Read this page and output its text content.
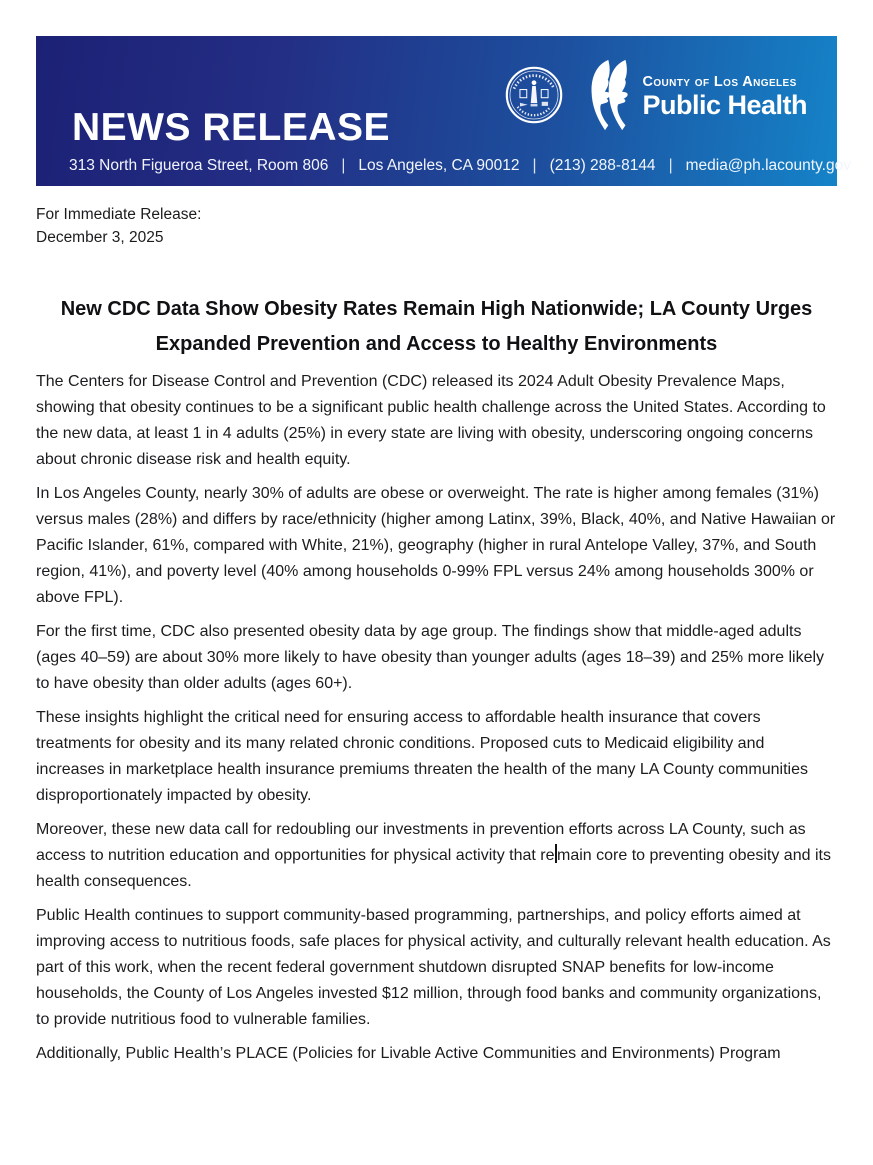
NEWS RELEASE
313 North Figueroa Street, Room 806 | Los Angeles, CA 90012 | (213) 288-8144 | media@ph.lacounty.gov
County of Los Angeles
Public Health
For Immediate Release:
December 3, 2025
New CDC Data Show Obesity Rates Remain High Nationwide; LA County Urges
Expanded Prevention and Access to Healthy Environments

The Centers for Disease Control and Prevention (CDC) released its 2024 Adult Obesity Prevalence Maps, showing that obesity continues to be a significant public health challenge across the United States. According to the new data, at least 1 in 4 adults (25%) in every state are living with obesity, underscoring ongoing concerns about chronic disease risk and health equity.

In Los Angeles County, nearly 30% of adults are obese or overweight. The rate is higher among females (31%) versus males (28%) and differs by race/ethnicity (higher among Latinx, 39%, Black, 40%, and Native Hawaiian or Pacific Islander, 61%, compared with White, 21%), geography (higher in rural Antelope Valley, 37%, and South region, 41%), and poverty level (40% among households 0-99% FPL versus 24% among households 300% or above FPL).

For the first time, CDC also presented obesity data by age group. The findings show that middle-aged adults (ages 40–59) are about 30% more likely to have obesity than younger adults (ages 18–39) and 25% more likely to have obesity than older adults (ages 60+).

These insights highlight the critical need for ensuring access to affordable health insurance that covers treatments for obesity and its many related chronic conditions. Proposed cuts to Medicaid eligibility and increases in marketplace health insurance premiums threaten the health of the many LA County communities disproportionately impacted by obesity.

Moreover, these new data call for redoubling our investments in prevention efforts across LA County, such as access to nutrition education and opportunities for physical activity that re main core to preventing obesity and its health consequences.

Public Health continues to support community-based programming, partnerships, and policy efforts aimed at improving access to nutritious foods, safe places for physical activity, and culturally relevant health education. As part of this work, when the recent federal government shutdown disrupted SNAP benefits for low-income households, the County of Los Angeles invested $12 million, through food banks and community organizations, to provide nutritious food to vulnerable families.

Additionally, Public Health’s PLACE (Policies for Livable Active Communities and Environments) Program
